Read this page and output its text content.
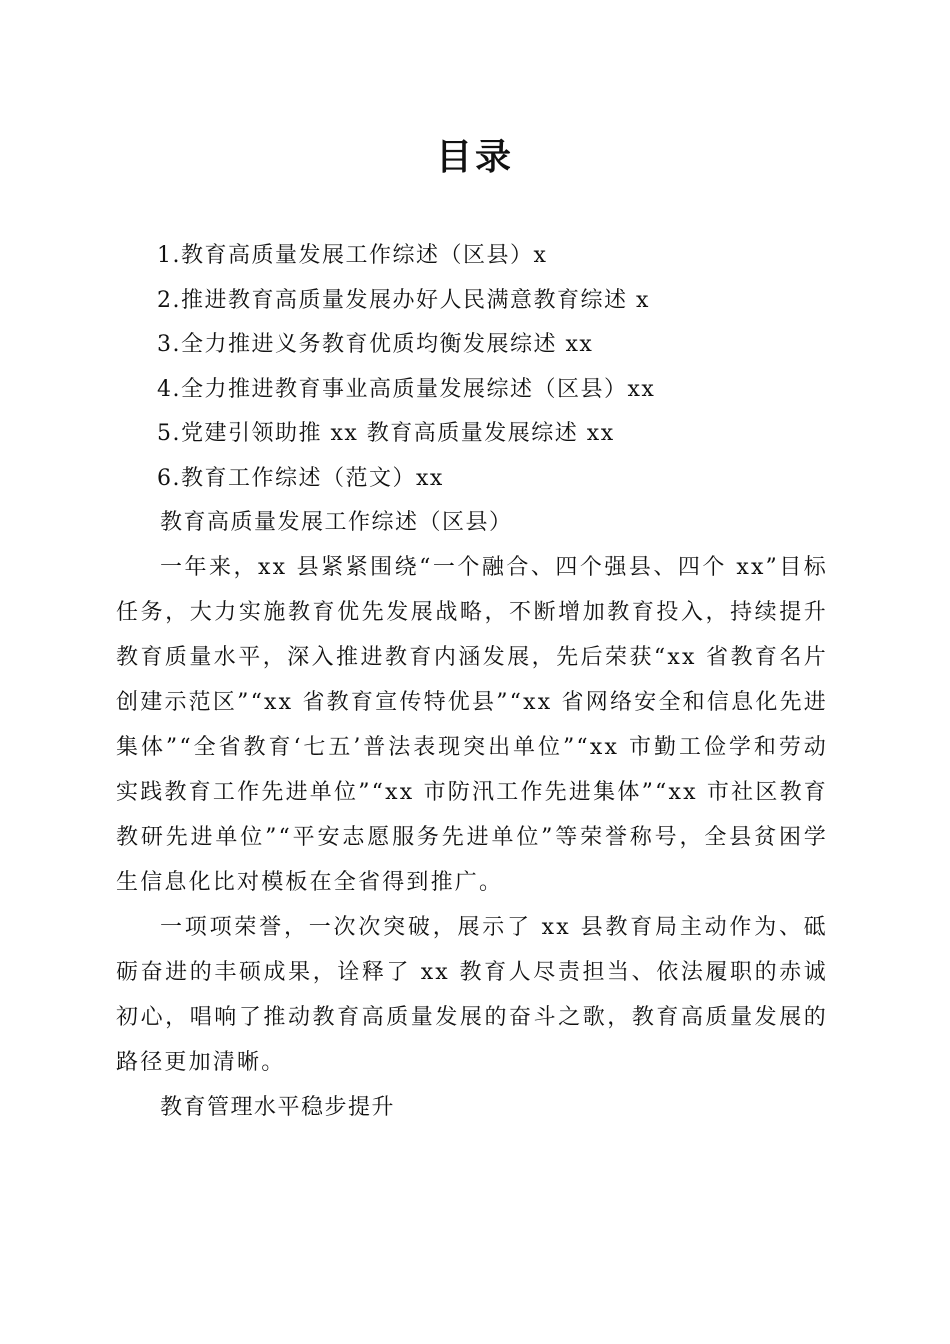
目录
1.教育高质量发展工作综述（区县）x
2.推进教育高质量发展办好人民满意教育综述 x
3.全力推进义务教育优质均衡发展综述 xx
4.全力推进教育事业高质量发展综述（区县）xx
5.党建引领助推 xx 教育高质量发展综述 xx
6.教育工作综述（范文）xx

教育高质量发展工作综述（区县）

一年来，xx 县紧紧围绕“一个融合、四个强县、四个 xx”目标任务，大力实施教育优先发展战略，不断增加教育投入，持续提升教育质量水平，深入推进教育内涵发展，先后荣获“xx 省教育名片创建示范区”“xx 省教育宣传特优县”“xx 省网络安全和信息化先进集体”“全省教育‘七五’普法表现突出单位”“xx 市勤工俭学和劳动实践教育工作先进单位”“xx 市防汛工作先进集体”“xx 市社区教育教研先进单位”“平安志愿服务先进单位”等荣誉称号，全县贫困学生信息化比对模板在全省得到推广。

一项项荣誉，一次次突破，展示了 xx 县教育局主动作为、砥砺奋进的丰硕成果，诠释了 xx 教育人尽责担当、依法履职的赤诚初心，唱响了推动教育高质量发展的奋斗之歌，教育高质量发展的路径更加清晰。

教育管理水平稳步提升
